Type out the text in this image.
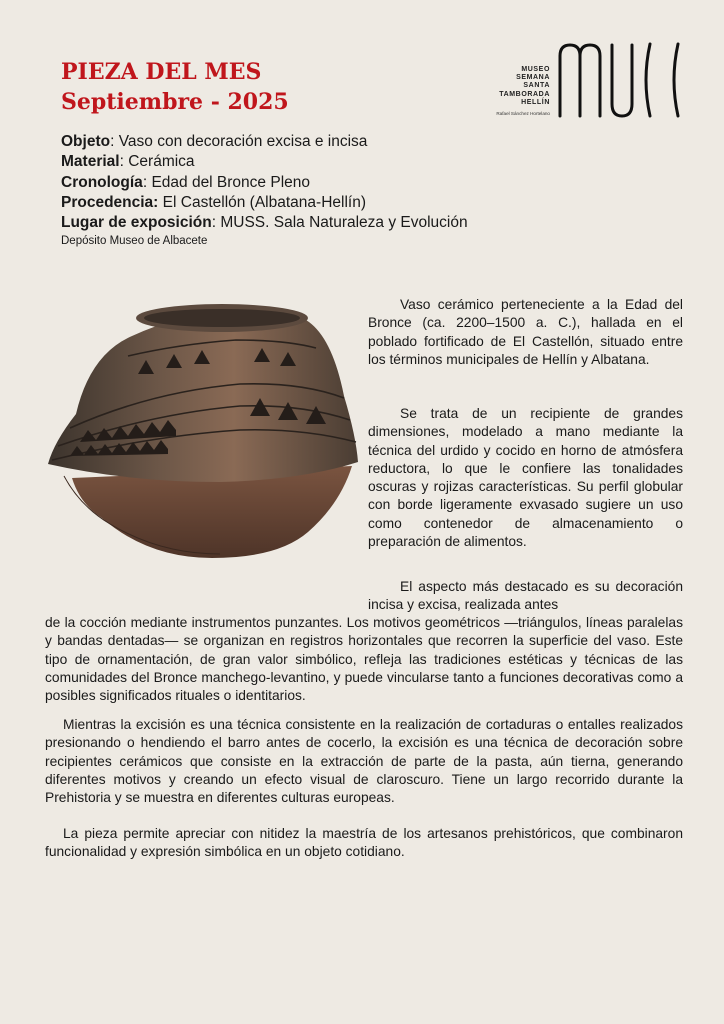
PIEZA DEL MES
Septiembre - 2025
MUSEO
SEMANA
SANTA
TAMBORADA
HELLÍN
Rafael Sánchez Hortelano

Objeto: Vaso con decoración excisa e incisa

Material: Cerámica

Cronología: Edad del Bronce Pleno

Procedencia: El Castellón (Albatana-Hellín)

Lugar de exposición: MUSS. Sala Naturaleza y Evolución

Depósito Museo de Albacete

Vaso cerámico perteneciente a la Edad del Bronce (ca. 2200–1500 a. C.), hallada en el poblado fortificado de El Castellón, situado entre los términos municipales de Hellín y Albatana.

Se trata de un recipiente de grandes dimensiones, modelado a mano mediante la técnica del urdido y cocido en horno de atmósfera reductora, lo que le confiere las tonalidades oscuras y rojizas características. Su perfil globular con borde ligeramente exvasado sugiere un uso como contenedor de almacenamiento o preparación de alimentos.

El aspecto más destacado es su decoración incisa y excisa, realizada antes

de la cocción mediante instrumentos punzantes. Los motivos geométricos —triángulos, líneas paralelas y bandas dentadas— se organizan en registros horizontales que recorren la superficie del vaso. Este tipo de ornamentación, de gran valor simbólico, refleja las tradiciones estéticas y técnicas de las comunidades del Bronce manchego-levantino, y puede vincularse tanto a funciones decorativas como a posibles significados rituales o identitarios.

Mientras la excisión es una técnica consistente en la realización de cortaduras o entalles realizados presionando o hendiendo el barro antes de cocerlo, la excisión es una técnica de decoración sobre recipientes cerámicos que consiste en la extracción de parte de la pasta, aún tierna, generando diferentes motivos y creando un efecto visual de claroscuro. Tiene un largo recorrido durante la Prehistoria y se muestra en diferentes culturas europeas.

La pieza permite apreciar con nitidez la maestría de los artesanos prehistóricos, que combinaron funcionalidad y expresión simbólica en un objeto cotidiano.
